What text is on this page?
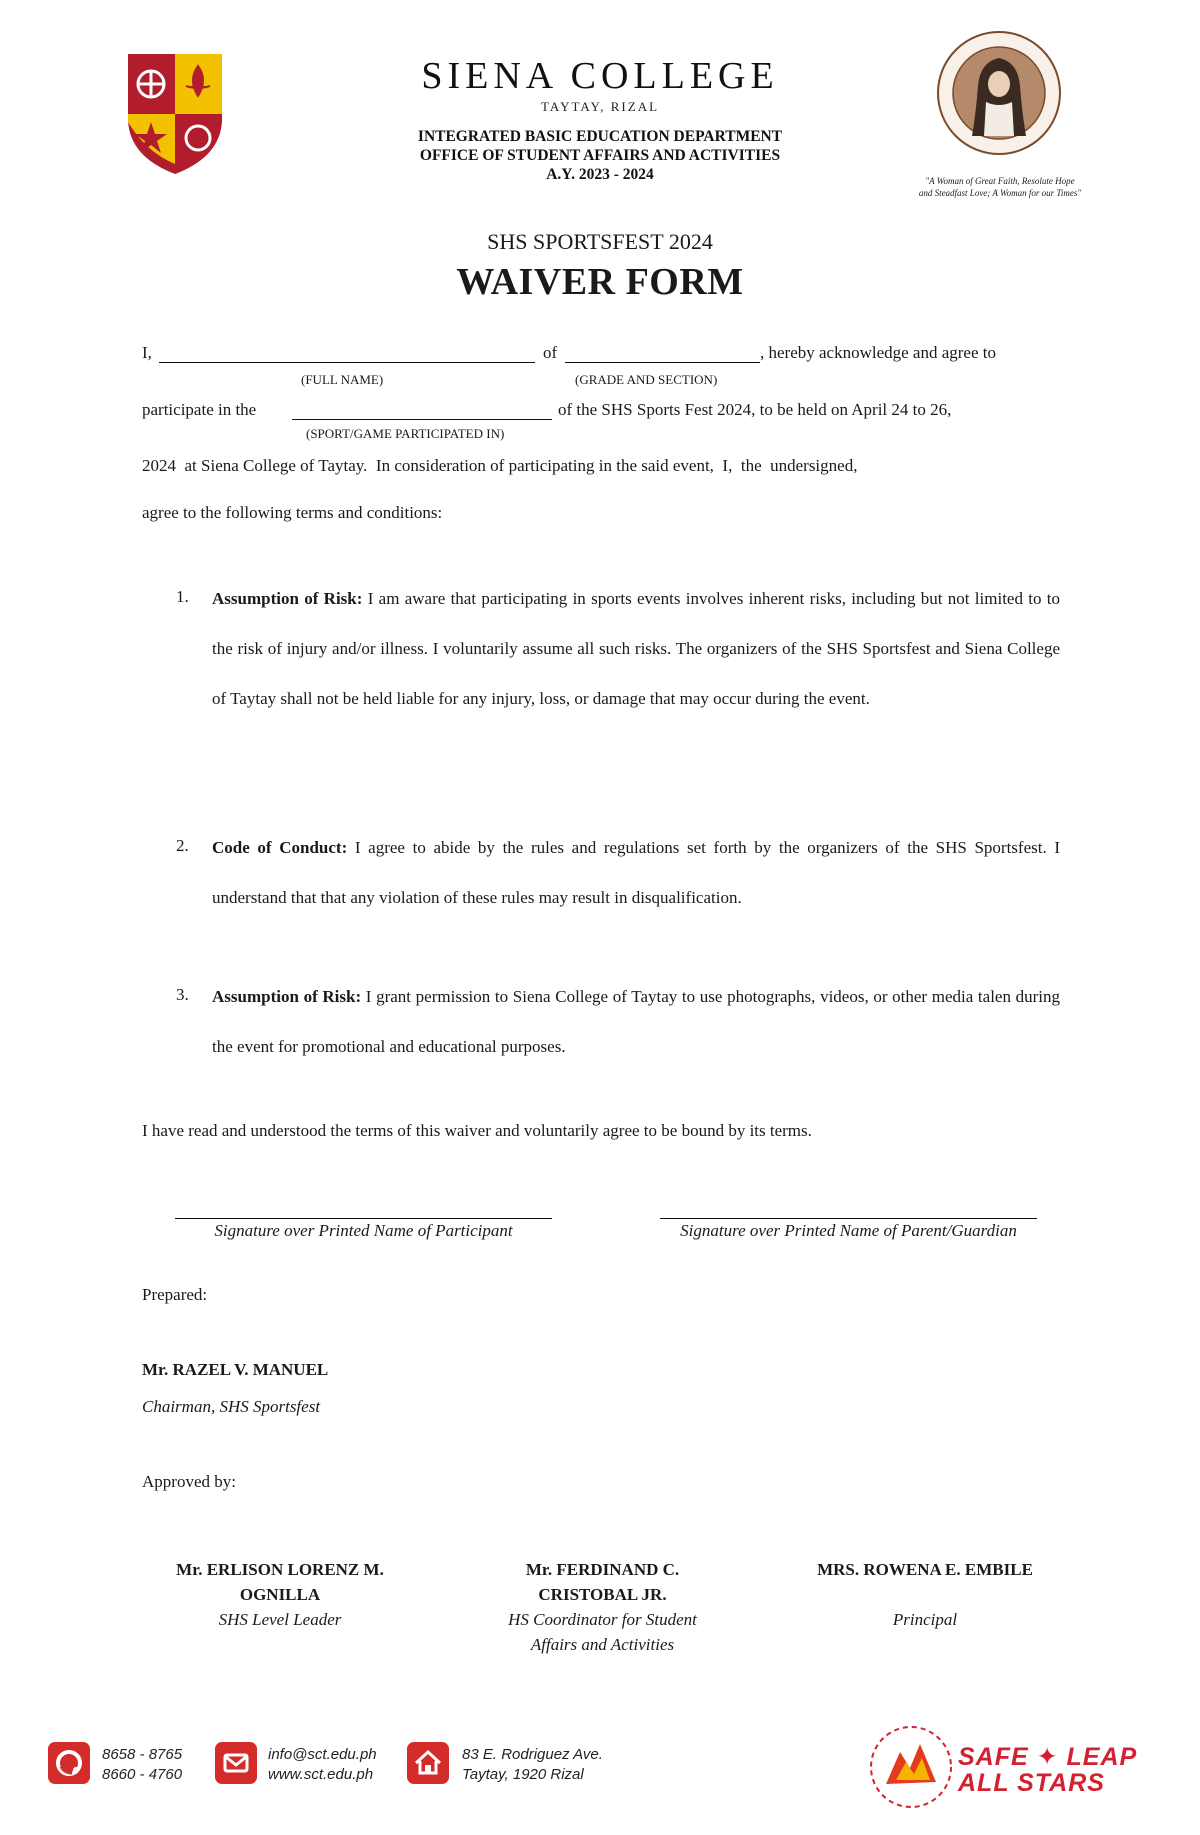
SIENA COLLEGE
TAYTAY, RIZAL
INTEGRATED BASIC EDUCATION DEPARTMENT
OFFICE OF STUDENT AFFAIRS AND ACTIVITIES
A.Y. 2023 - 2024	"A Woman of Great Faith, Resolute Hope
and Steadfast Love; A Woman for our Times"
SHS SPORTSFEST 2024
WAIVER FORM
I,	of	, hereby acknowledge and agree to
(FULL NAME)	(GRADE AND SECTION)
participate in the	of the SHS Sports Fest 2024, to be held on April 24 to 26,
(SPORT/GAME PARTICIPATED IN)
2024  at Siena College of Taytay.  In consideration of participating in the said event,  I,  the  undersigned,
agree to the following terms and conditions:
1. Assumption of Risk: I am aware that participating in sports events involves inherent risks, including but not limited to to the risk of injury and/or illness. I voluntarily assume all such risks. The organizers of the SHS Sportsfest and Siena College of Taytay shall not be held liable for any injury, loss, or damage that may occur during the event.
2. Code of Conduct: I agree to abide by the rules and regulations set forth by the organizers of the SHS Sportsfest. I understand that that any violation of these rules may result in disqualification.
3. Assumption of Risk: I grant permission to Siena College of Taytay to use photographs, videos, or other media talen during the event for promotional and educational purposes.
I have read and understood the terms of this waiver and voluntarily agree to be bound by its terms.
Signature over Printed Name of Participant	Signature over Printed Name of Parent/Guardian
Prepared:
Mr. RAZEL V. MANUEL
Chairman, SHS Sportsfest
Approved by:
Mr. ERLISON LORENZ M.
OGNILLA
SHS Level Leader
Mr. FERDINAND C.
CRISTOBAL JR.
HS Coordinator for Student
Affairs and Activities
MRS. ROWENA E. EMBILE
Principal
8658 - 8765
8660 - 4760
info@sct.edu.ph
www.sct.edu.ph
83 E. Rodriguez Ave.
Taytay, 1920 Rizal
SAFE ✦ LEAP
ALL STARS
